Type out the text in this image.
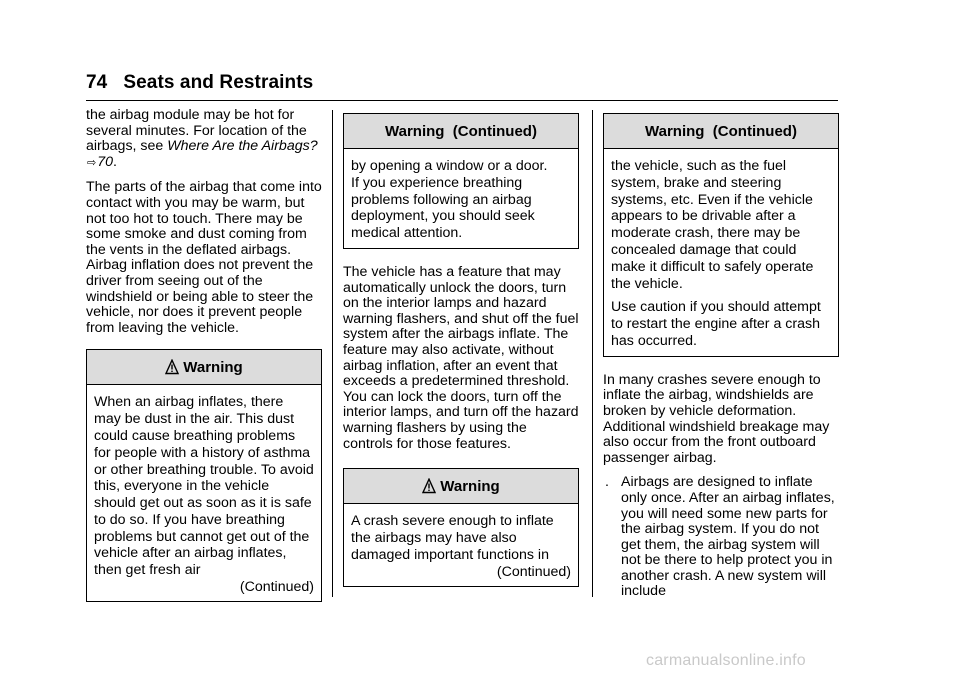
74 Seats and Restraints

the airbag module may be hot for several minutes. For location of the airbags, see Where Are the Airbags? ⇨70.

The parts of the airbag that come into contact with you may be warm, but not too hot to touch. There may be some smoke and dust coming from the vents in the deflated airbags. Airbag inflation does not prevent the driver from seeing out of the windshield or being able to steer the vehicle, nor does it prevent people from leaving the vehicle.

Warning

When an airbag inflates, there may be dust in the air. This dust could cause breathing problems for people with a history of asthma or other breathing trouble. To avoid this, everyone in the vehicle should get out as soon as it is safe to do so. If you have breathing problems but cannot get out of the vehicle after an airbag inflates, then get fresh air

(Continued)
Warning  (Continued)

by opening a window or a door.

If you experience breathing problems following an airbag deployment, you should seek medical attention.

The vehicle has a feature that may automatically unlock the doors, turn on the interior lamps and hazard warning flashers, and shut off the fuel system after the airbags inflate. The feature may also activate, without airbag inflation, after an event that exceeds a predetermined threshold. You can lock the doors, turn off the interior lamps, and turn off the hazard warning flashers by using the controls for those features.

Warning

A crash severe enough to inflate the airbags may have also damaged important functions in

(Continued)
Warning  (Continued)

the vehicle, such as the fuel system, brake and steering systems, etc. Even if the vehicle appears to be drivable after a moderate crash, there may be concealed damage that could make it difficult to safely operate the vehicle.

Use caution if you should attempt to restart the engine after a crash has occurred.

In many crashes severe enough to inflate the airbag, windshields are broken by vehicle deformation. Additional windshield breakage may also occur from the front outboard passenger airbag.

. Airbags are designed to inflate only once. After an airbag inflates, you will need some new parts for the airbag system. If you do not get them, the airbag system will not be there to help protect you in another crash. A new system will include
carmanualsonline.info
